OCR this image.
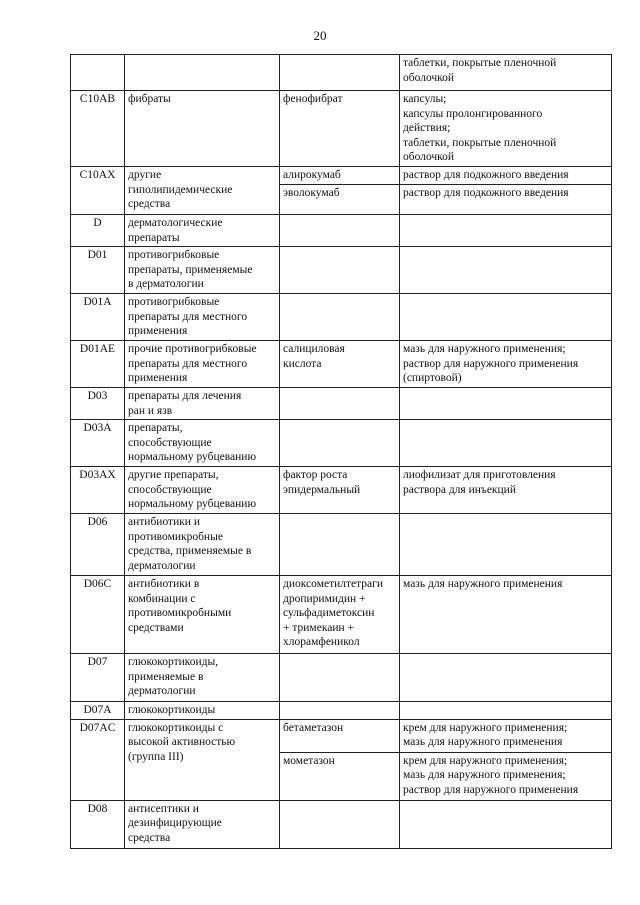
20
			таблетки, покрытые пленочной
оболочкой
C10AB	фибраты	фенофибрат	капсулы;
капсулы пролонгированного
действия;
таблетки, покрытые пленочной
оболочкой
C10AX	другие
гиполипидемические
средства	алирокумаб	раствор для подкожного введения
		эволокумаб	раствор для подкожного введения
D	дерматологические
препараты		
D01	противогрибковые
препараты, применяемые
в дерматологии		
D01A	противогрибковые
препараты для местного
применения		
D01AE	прочие противогрибковые
препараты для местного
применения	салициловая
кислота	мазь для наружного применения;
раствор для наружного применения
(спиртовой)
D03	препараты для лечения
ран и язв		
D03A	препараты,
способствующие
нормальному рубцеванию		
D03AX	другие препараты,
способствующие
нормальному рубцеванию	фактор роста
эпидермальный	лиофилизат для приготовления
раствора для инъекций
D06	антибиотики и
противомикробные
средства, применяемые в
дерматологии		
D06C	антибиотики в
комбинации с
противомикробными
средствами	диоксометилтетраги
дропиримидин +
сульфадиметоксин
+ тримекаин +
хлорамфеникол	мазь для наружного применения
D07	глюкокортикоиды,
применяемые в
дерматологии		
D07A	глюкокортикоиды		
D07AC	глюкокортикоиды с
высокой активностью
(группа III)	бетаметазон	крем для наружного применения;
мазь для наружного применения
		мометазон	крем для наружного применения;
мазь для наружного применения;
раствор для наружного применения
D08	антисептики и
дезинфицирующие
средства		
